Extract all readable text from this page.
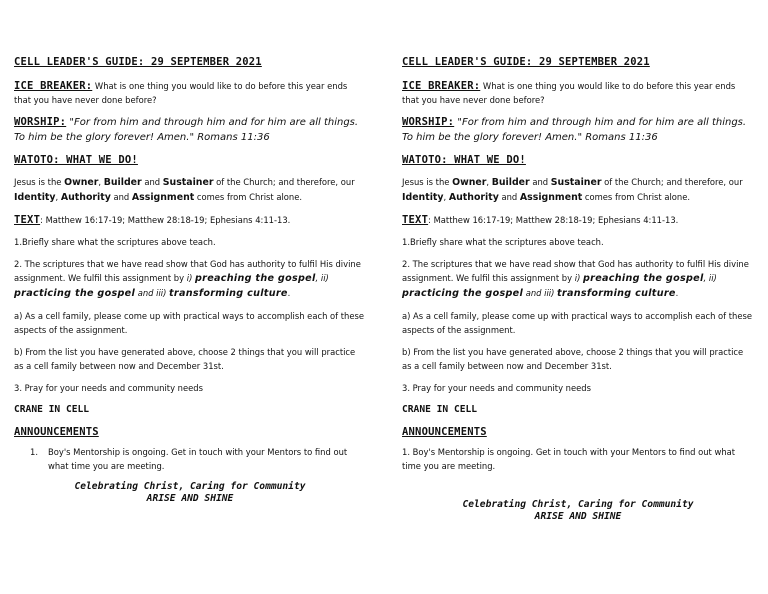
CELL LEADER'S GUIDE: 29 SEPTEMBER 2021
ICE BREAKER: What is one thing you would like to do before this year ends that you have never done before?
WORSHIP: "For from him and through him and for him are all things. To him be the glory forever! Amen." Romans 11:36
WATOTO: WHAT WE DO!
Jesus is the Owner, Builder and Sustainer of the Church; and therefore, our Identity, Authority and Assignment comes from Christ alone.
TEXT: Matthew 16:17-19; Matthew 28:18-19; Ephesians 4:11-13.
1.Briefly share what the scriptures above teach.
2. The scriptures that we have read show that God has authority to fulfil His divine assignment. We fulfil this assignment by i) preaching the gospel, ii) practicing the gospel and iii) transforming culture.
a) As a cell family, please come up with practical ways to accomplish each of these aspects of the assignment.
b) From the list you have generated above, choose 2 things that you will practice as a cell family between now and December 31st.
3. Pray for your needs and community needs
CRANE IN CELL
ANNOUNCEMENTS
1. Boy's Mentorship is ongoing. Get in touch with your Mentors to find out what time you are meeting.
Celebrating Christ, Caring for Community
ARISE AND SHINE
CELL LEADER'S GUIDE: 29 SEPTEMBER 2021
ICE BREAKER: What is one thing you would like to do before this year ends that you have never done before?
WORSHIP: "For from him and through him and for him are all things. To him be the glory forever! Amen." Romans 11:36
WATOTO: WHAT WE DO!
Jesus is the Owner, Builder and Sustainer of the Church; and therefore, our Identity, Authority and Assignment comes from Christ alone.
TEXT: Matthew 16:17-19; Matthew 28:18-19; Ephesians 4:11-13.
1.Briefly share what the scriptures above teach.
2. The scriptures that we have read show that God has authority to fulfil His divine assignment. We fulfil this assignment by i) preaching the gospel, ii) practicing the gospel and iii) transforming culture.
a) As a cell family, please come up with practical ways to accomplish each of these aspects of the assignment.
b) From the list you have generated above, choose 2 things that you will practice as a cell family between now and December 31st.
3. Pray for your needs and community needs
CRANE IN CELL
ANNOUNCEMENTS
1. Boy's Mentorship is ongoing. Get in touch with your Mentors to find out what time you are meeting.
Celebrating Christ, Caring for Community
ARISE AND SHINE
